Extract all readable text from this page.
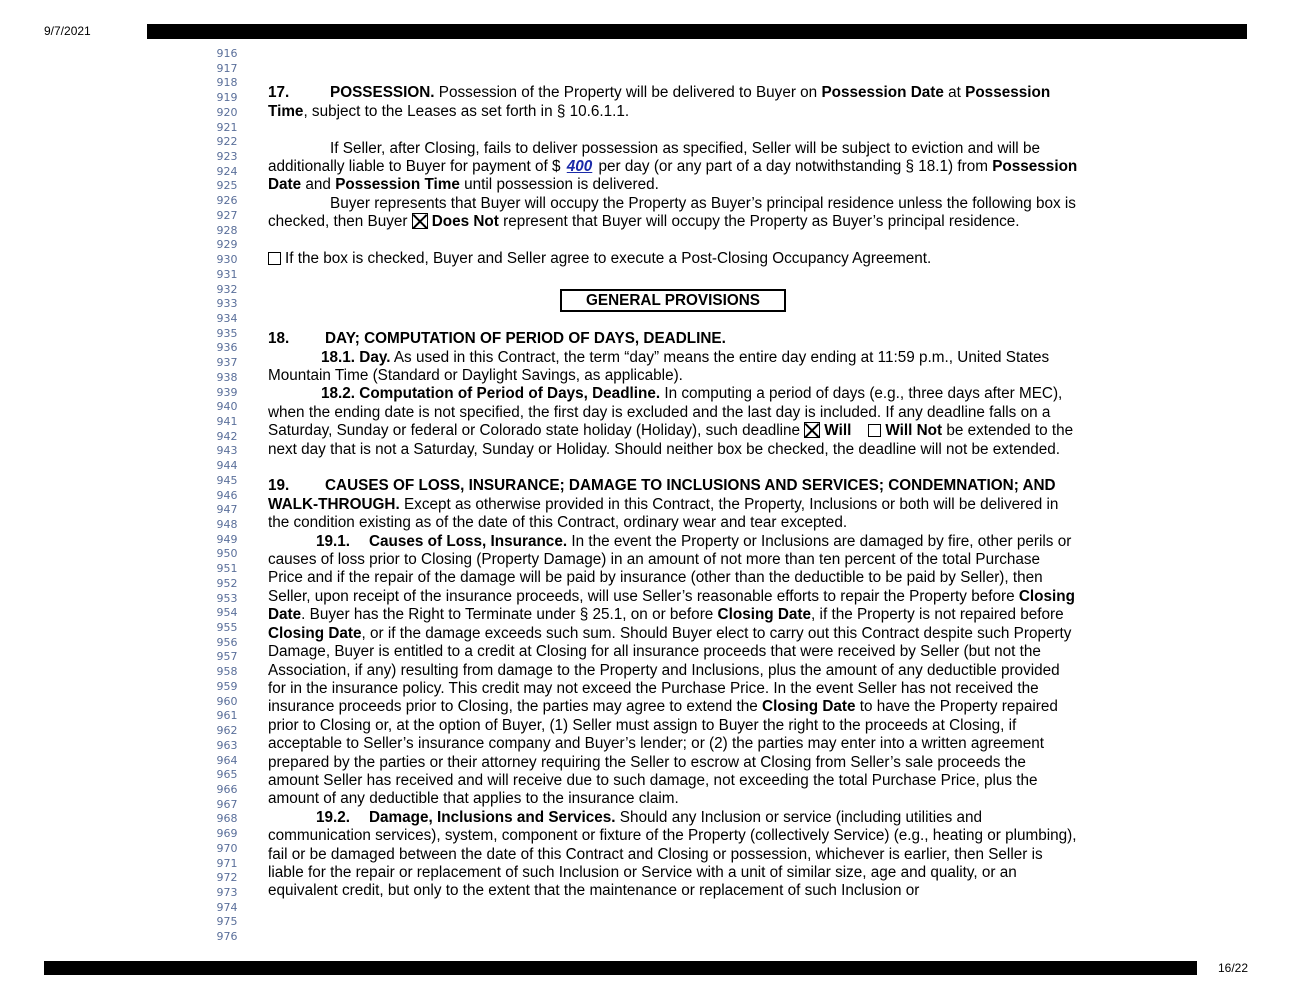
9/7/2021
916
917
918
919
920
921
922
923
924
925
926
927
928
929
930
931
932
933
934
935
936
937
938
939
940
941
942
943
944
945
946
947
948
949
950
951
952
953
954
955
956
957
958
959
960
961
962
963
964
965
966
967
968
969
970
971
972
973
974
975
976

17.	POSSESSION. Possession of the Property will be delivered to Buyer on Possession Date at Possession Time, subject to the Leases as set forth in § 10.6.1.1.

If Seller, after Closing, fails to deliver possession as specified, Seller will be subject to eviction and will be additionally liable to Buyer for payment of $ 400 per day (or any part of a day notwithstanding § 18.1) from Possession Date and Possession Time until possession is delivered.

Buyer represents that Buyer will occupy the Property as Buyer’s principal residence unless the following box is checked, then Buyer Does Not represent that Buyer will occupy the Property as Buyer’s principal residence.

If the box is checked, Buyer and Seller agree to execute a Post-Closing Occupancy Agreement.

GENERAL PROVISIONS

18. DAY; COMPUTATION OF PERIOD OF DAYS, DEADLINE.

18.1. Day. As used in this Contract, the term “day” means the entire day ending at 11:59 p.m., United States Mountain Time (Standard or Daylight Savings, as applicable).

18.2. Computation of Period of Days, Deadline. In computing a period of days (e.g., three days after MEC), when the ending date is not specified, the first day is excluded and the last day is included. If any deadline falls on a Saturday, Sunday or federal or Colorado state holiday (Holiday), such deadline Will Will Not be extended to the next day that is not a Saturday, Sunday or Holiday. Should neither box be checked, the deadline will not be extended.

19. CAUSES OF LOSS, INSURANCE; DAMAGE TO INCLUSIONS AND SERVICES; CONDEMNATION; AND WALK-THROUGH. Except as otherwise provided in this Contract, the Property, Inclusions or both will be delivered in the condition existing as of the date of this Contract, ordinary wear and tear excepted.

19.1. Causes of Loss, Insurance. In the event the Property or Inclusions are damaged by fire, other perils or causes of loss prior to Closing (Property Damage) in an amount of not more than ten percent of the total Purchase Price and if the repair of the damage will be paid by insurance (other than the deductible to be paid by Seller), then Seller, upon receipt of the insurance proceeds, will use Seller’s reasonable efforts to repair the Property before Closing Date. Buyer has the Right to Terminate under § 25.1, on or before Closing Date, if the Property is not repaired before Closing Date, or if the damage exceeds such sum. Should Buyer elect to carry out this Contract despite such Property Damage, Buyer is entitled to a credit at Closing for all insurance proceeds that were received by Seller (but not the Association, if any) resulting from damage to the Property and Inclusions, plus the amount of any deductible provided for in the insurance policy. This credit may not exceed the Purchase Price. In the event Seller has not received the insurance proceeds prior to Closing, the parties may agree to extend the Closing Date to have the Property repaired prior to Closing or, at the option of Buyer, (1) Seller must assign to Buyer the right to the proceeds at Closing, if acceptable to Seller’s insurance company and Buyer’s lender; or (2) the parties may enter into a written agreement prepared by the parties or their attorney requiring the Seller to escrow at Closing from Seller’s sale proceeds the amount Seller has received and will receive due to such damage, not exceeding the total Purchase Price, plus the amount of any deductible that applies to the insurance claim.

19.2. Damage, Inclusions and Services. Should any Inclusion or service (including utilities and communication services), system, component or fixture of the Property (collectively Service) (e.g., heating or plumbing), fail or be damaged between the date of this Contract and Closing or possession, whichever is earlier, then Seller is liable for the repair or replacement of such Inclusion or Service with a unit of similar size, age and quality, or an equivalent credit, but only to the extent that the maintenance or replacement of such Inclusion or

16/22
